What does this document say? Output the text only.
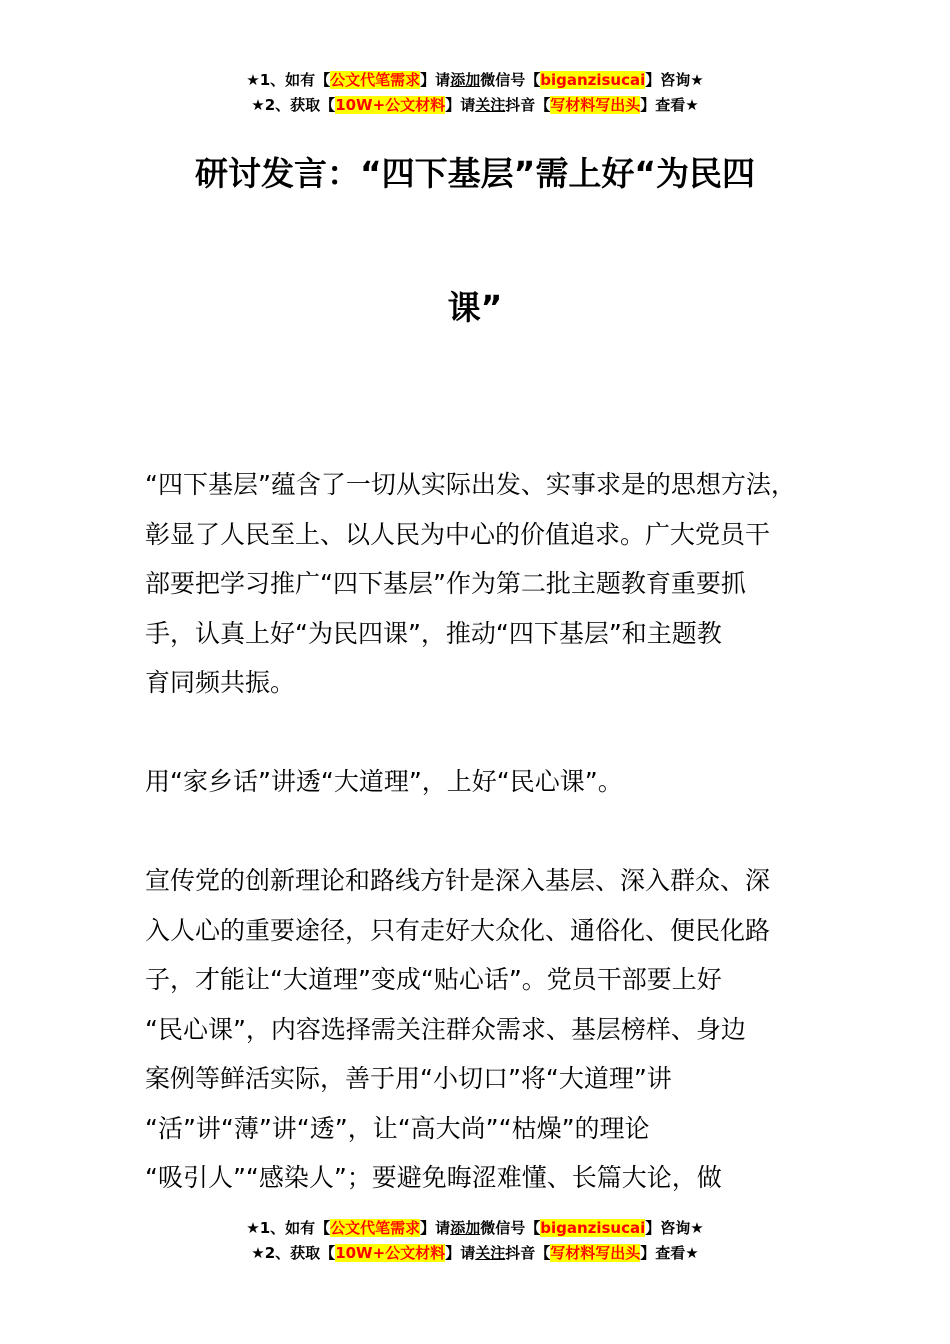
★1、如有【公文代笔需求】请添加微信号【biganzisucai】咨询★
★2、获取【10W+公文材料】请关注抖音【写材料写出头】查看★
研讨发言：“四下基层”需上好“为民四
课”
“四下基层”蕴含了一切从实际出发、实事求是的思想方法，
彰显了人民至上、以人民为中心的价值追求。广大党员干
部要把学习推广“四下基层”作为第二批主题教育重要抓
手，认真上好“为民四课”，推动“四下基层”和主题教
育同频共振。
用“家乡话”讲透“大道理”，上好“民心课”。
宣传党的创新理论和路线方针是深入基层、深入群众、深
入人心的重要途径，只有走好大众化、通俗化、便民化路
子，才能让“大道理”变成“贴心话”。党员干部要上好
“民心课”，内容选择需关注群众需求、基层榜样、身边
案例等鲜活实际，善于用“小切口”将“大道理”讲
“活”讲“薄”讲“透”，让“高大尚”“枯燥”的理论
“吸引人”“感染人”；要避免晦涩难懂、长篇大论，做
★1、如有【公文代笔需求】请添加微信号【biganzisucai】咨询★
★2、获取【10W+公文材料】请关注抖音【写材料写出头】查看★
